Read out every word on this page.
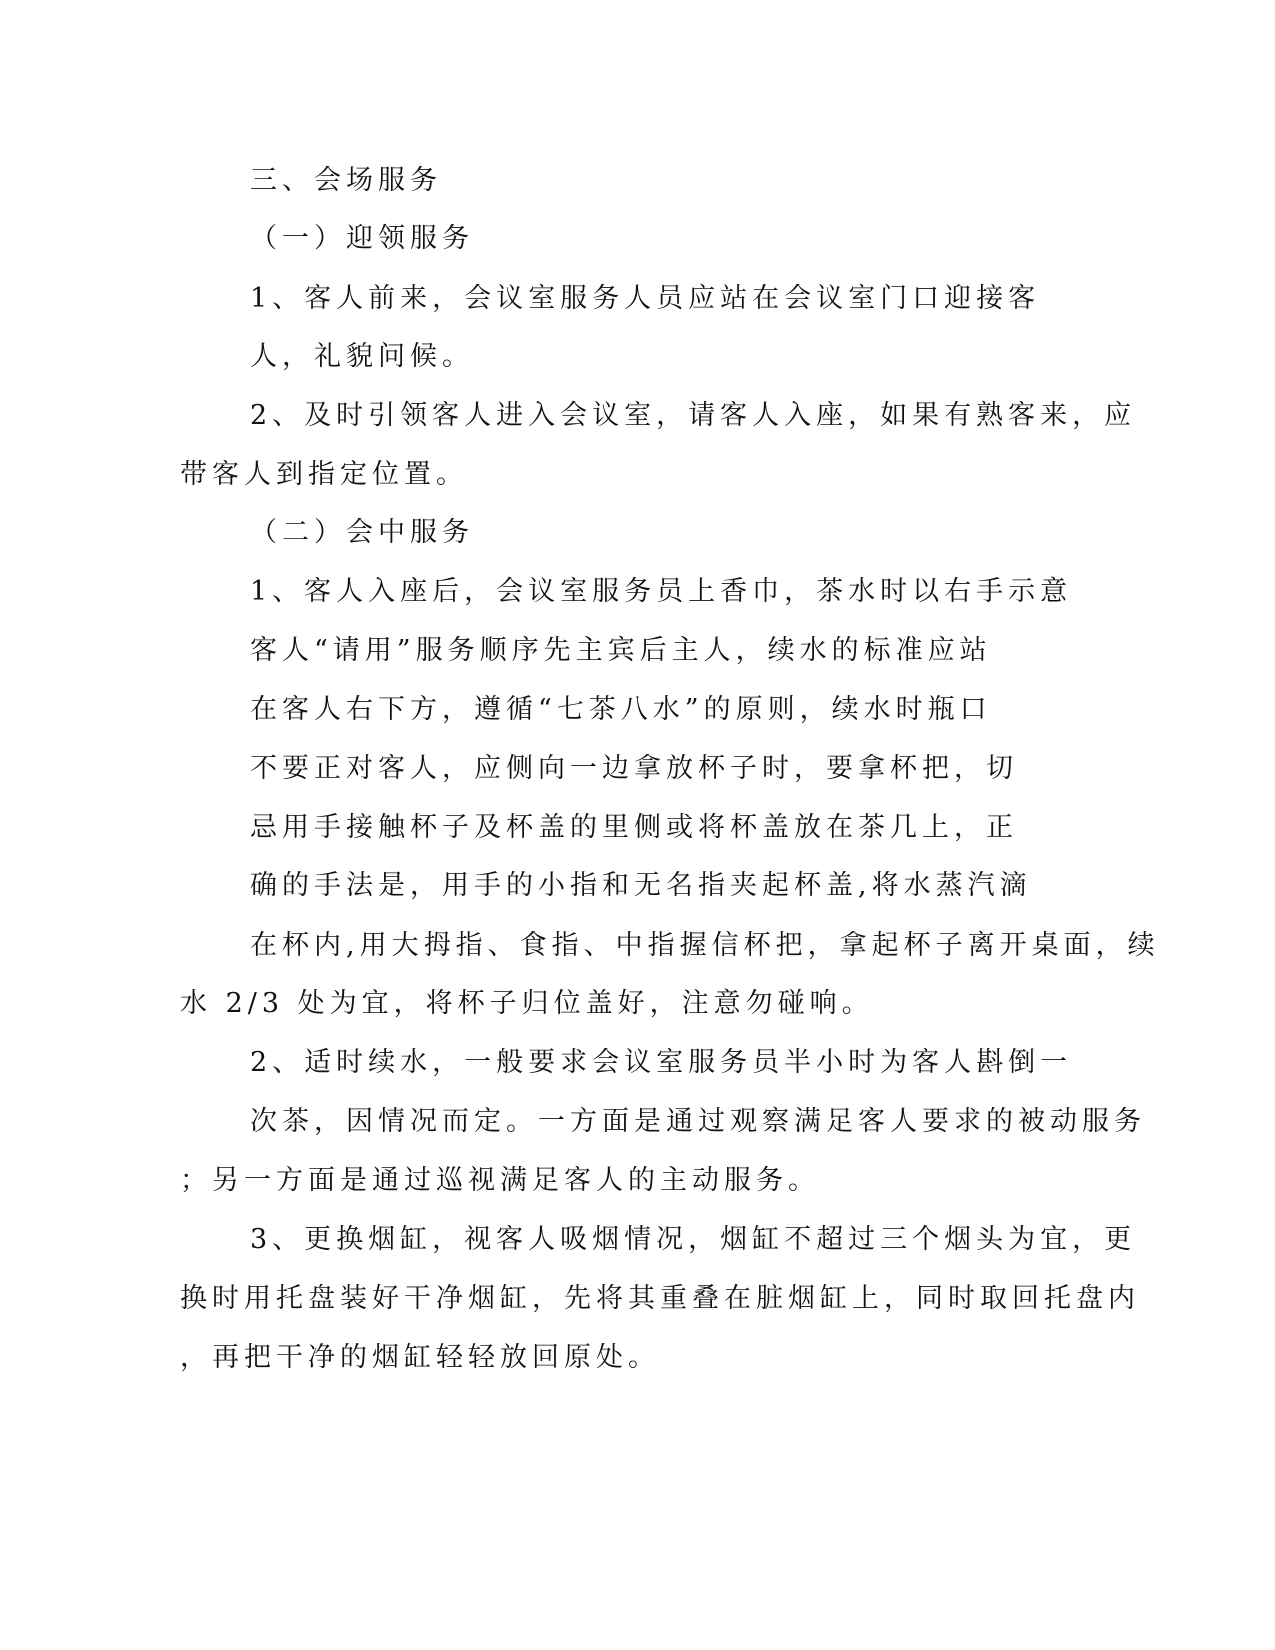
三、会场服务
（一）迎领服务
1、客人前来，会议室服务人员应站在会议室门口迎接客
人，礼貌问候。
2、及时引领客人进入会议室，请客人入座，如果有熟客来，应
带客人到指定位置。
（二）会中服务
1、客人入座后，会议室服务员上香巾，茶水时以右手示意
客人“请用”服务顺序先主宾后主人，续水的标准应站
在客人右下方，遵循“七茶八水”的原则，续水时瓶口
不要正对客人，应侧向一边拿放杯子时，要拿杯把，切
忌用手接触杯子及杯盖的里侧或将杯盖放在茶几上，正
确的手法是，用手的小指和无名指夹起杯盖,将水蒸汽滴
在杯内,用大拇指、食指、中指握信杯把，拿起杯子离开桌面，续
水 2/3 处为宜，将杯子归位盖好，注意勿碰响。
2、适时续水，一般要求会议室服务员半小时为客人斟倒一
次茶，因情况而定。一方面是通过观察满足客人要求的被动服务
；另一方面是通过巡视满足客人的主动服务。
3、更换烟缸，视客人吸烟情况，烟缸不超过三个烟头为宜，更
换时用托盘装好干净烟缸，先将其重叠在脏烟缸上，同时取回托盘内
，再把干净的烟缸轻轻放回原处。
